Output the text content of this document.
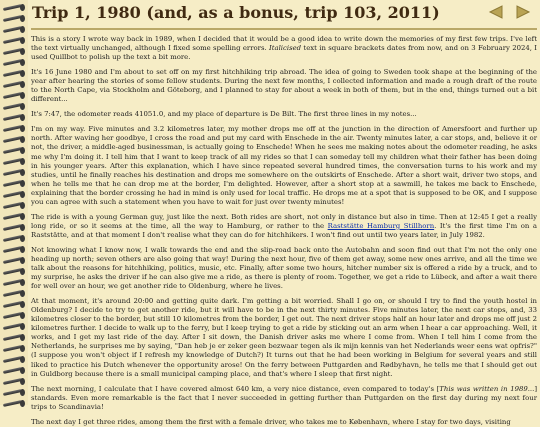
Trip 1, 1980 (and, as a bonus, trip 103, 2011)

This is a story I wrote way back in 1989, when I decided that it would be a good idea to write down the memories of my first few trips. I've left the text virtually unchanged, although I fixed some spelling errors. Italicised text in square brackets dates from now, and on 3 February 2024, I used Quillbot to polish up the text a bit more.

It's 16 June 1980 and I'm about to set off on my first hitchhiking trip abroad. The idea of going to Sweden took shape at the beginning of the year after hearing the stories of some fellow students. During the next few months, I collected information and made a rough draft of the route to the North Cape, via Stockholm and Göteborg, and I planned to stay for about a week in both of them, but in the end, things turned out a bit different...

It's 7:47, the odometer reads 41051.0, and my place of departure is De Bilt. The first three lines in my notes...

I'm on my way. Five minutes and 3.2 kilometres later, my mother drops me off at the junction in the direction of Amersfoort and further up north. After waving her goodbye, I cross the road and put my card with Enschede in the air. Twenty minutes later, a car stops, and, believe it or not, the driver, a middle-aged businessman, is actually going to Enschede! When he sees me making notes about the odometer reading, he asks me why I'm doing it. I tell him that I want to keep track of all my rides so that I can someday tell my children what their father has been doing in his younger years. After this explanation, which I have since repeated several hundred times, the conversation turns to his work and my studies, until he finally reaches his destination and drops me somewhere on the outskirts of Enschede. After a short wait, driver two stops, and when he tells me that he can drop me at the border, I'm delighted. However, after a short stop at a sawmill, he takes me back to Enschede, explaining that the border crossing he had in mind is only used for local traffic. He drops me at a spot that is supposed to be OK, and I suppose you can agree with such a statement when you have to wait for just over twenty minutes!

The ride is with a young German guy, just like the next. Both rides are short, not only in distance but also in time. Then at 12:45 I get a really long ride, or so it seems at the time, all the way to Hamburg, or rather to the Raststätte Hamburg Stillhorn. It's the first time I'm on a Raststätte, and at that moment I don't realise what they can do for hitchhikers. I won't find out until two years later, in July 1982.

Not knowing what I know now, I walk towards the end and the slip-road back onto the Autobahn and soon find out that I'm not the only one heading up north; seven others are also going that way! During the next hour, five of them get away, some new ones arrive, and all the time we talk about the reasons for hitchhiking, politics, music, etc. Finally, after some two hours, hitcher number six is offered a ride by a truck, and to my surprise, he asks the driver if he can also give me a ride, as there is plenty of room. Together, we get a ride to Lübeck, and after a wait there for well over an hour, we get another ride to Oldenburg, where he lives.

At that moment, it's around 20:00 and getting quite dark. I'm getting a bit worried. Shall I go on, or should I try to find the youth hostel in Oldenburg? I decide to try to get another ride, but it will have to be in the next thirty minutes. Five minutes later, the next car stops, and, 33 kilometres closer to the border, but still 10 kilometres from the border, I get out. The next driver stops half an hour later and drops me off just 2 kilometres further. I decide to walk up to the ferry, but I keep trying to get a ride by sticking out an arm when I hear a car approaching. Well, it works, and I get my last ride of the day. After I sit down, the Danish driver asks me where I come from. When I tell him I come from the Netherlands, he surprises me by saying, "Dan heb je er zeker geen bezwaar tegen als ik mijn kennis van het Nederlands weer eens wat opfris?" (I suppose you won't object if I refresh my knowledge of Dutch?) It turns out that he had been working in Belgium for several years and still liked to practice his Dutch whenever the opportunity arose! On the ferry between Puttgarden and Rødbyhavn, he tells me that I should get out in Guldborg because there is a small municipal camping place, and that's where I sleep that first night.

The next morning, I calculate that I have covered almost 640 km, a very nice distance, even compared to today's [This was written in 1989...] standards. Even more remarkable is the fact that I never succeeded in getting further than Puttgarden on the first day during my next four trips to Scandinavia!

The next day I get three rides, among them the first with a female driver, who takes me to København, where I stay for two days, visiting
